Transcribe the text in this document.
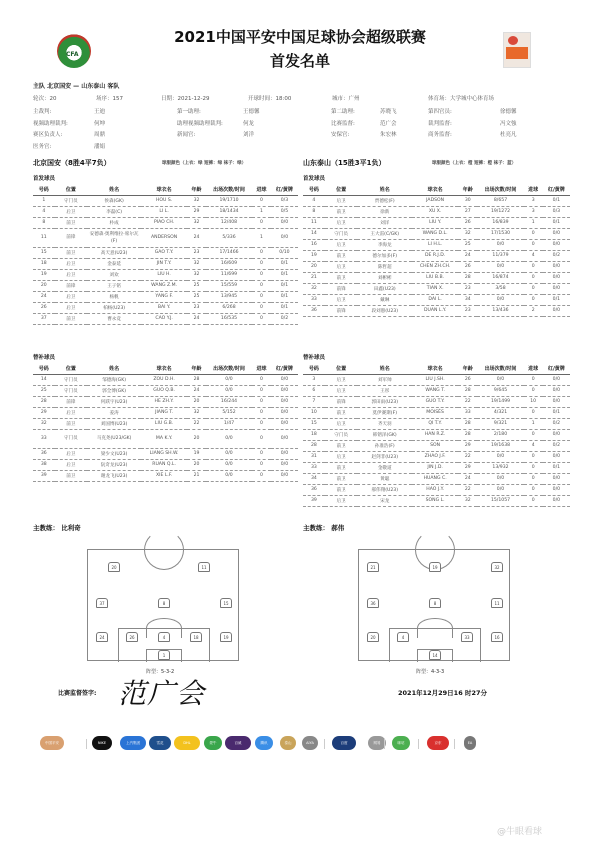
CFA
2021中国平安中国足球协会超级联赛
首发名单
主队 北京国安 — 山东泰山 客队
轮次：20	场序：157	日期：2021-12-29	开球时间：18:00	城市：广州	体育场：大学城中心体育场
主裁判:	王迪	第一助理:	王德馨	第二助理:	苏晓飞	第四官员:	徐德馨
视频助理裁判:	何坤	助理视频助理裁判:	何龙	比赛监督:	范广会	裁判监督:	冯文強
赛区负责人:	周鼎	新闻官:	刘洋	安保官:	朱宏林	商务监督:	杜亮凡
医务官:	潘娟
北京国安（8胜4平7负）	球服颜色（上衣：绿 短裤：绿 袜子：绿）
首发球员
号码	位置	姓名	球衣名	年龄	出场次数/时间	进球	红/黄牌
1	守门员	侯森(GK)	HOU S.	32	19/1710	0	0/3
4	后卫	李磊(C)	LI L.	29	18/1434	1	0/5
8	前卫	朴成	PIAO CH.	32	12/408	0	0/0
11	前锋	安德森·奥利维拉·席尔瓦(F)	ANDERSON	24	5/336	1	0/0
15	前卫	高天意(U23)	GAO T.Y.	23	17/1466	0	0/10
18	后卫	金泰延	JIN T.Y.	32	16/609	0	0/1
19	后卫	刘欢	LIU H.	32	11/699	0	0/1
20	前锋	王子铭	WANG Z.M.	25	15/559	0	0/1
24	后卫	杨帆	YANG F.	25	13/945	0	0/1
26	后卫	柏杨(U23)	BAI Y.	23	6/268	0	0/1
37	前卫	曹永竞	CAO Y.J.	24	16/535	0	0/2
替补球员
号码	位置	姓名	球衣名	年龄	出场次数/时间	进球	红/黄牌
14	守门员	邹德海(GK)	ZOU D.H.	28	0/0	0	0/0
25	守门员	郭全博(GK)	GUO Q.B.	24	0/0	0	0/0
28	前锋	何跃宇(U23)	HE ZH.Y.	20	16/244	0	0/0
29	后卫	姜涛	JIANG T.	32	5/152	0	0/0
32	前卫	刘国博(U23)	LIU G.B.	22	1/47	0	0/0
33	守门员	马克尧(U23/GK)	MA K.Y.	20	0/0	0	0/0
36	后卫	梁少文(U23)	LIANG SH.W.	19	0/0	0	0/0
38	后卫	阮奇龙(U23)	RUAN Q.L.	20	0/0	0	0/0
39	前卫	谢龙飞(U23)	XIE L.F.	21	0/0	0	0/0
主教练： 比利奇
山东泰山（15胜3平1负）	球服颜色（上衣：橙 短裤：橙 袜子：蓝）
首发球员
号码	位置	姓名	球衣名	年龄	出场次数/时间	进球	红/黄牌
4	后卫	贾德松(F)	JADSON	30	8/657	3	0/1
8	前卫	徐新	XU X.	27	19/1272	3	0/3
11	后卫	刘洋	LIU Y.	26	16/839	1	0/1
14	守门员	王大雷(C/GK)	WANG D.L.	32	17/1530	0	0/0
16	后卫	李海龙	LI H.L.	25	0/0	0	0/0
19	前卫	德尔加多(F)	DE R.J.D.	24	11/379	4	0/2
20	后卫	陈哲超	CHEN ZH.CH.	26	0/0	0	0/0
21	前卫	刘彬彬	LIU B.B.	28	16/874	0	0/0
32	前锋	田鑫(U23)	TIAN X.	23	3/58	0	0/0
33	后卫	戴琳	DAI L.	34	0/0	0	0/1
36	前锋	段刘愚(U23)	DUAN L.Y.	23	13/436	2	0/0
替补球员
号码	位置	姓名	球衣名	年龄	出场次数/时间	进球	红/黄牌
3	后卫	刘军帅	LIU J.SH.	26	0/0	0	0/0
6	后卫	王彤	WANG T.	28	9/645	0	0/0
7	前锋	郭田雨(U23)	GUO T.Y.	22	19/1499	10	0/0
10	前卫	莫伊赛斯(F)	MOISÉS	33	4/321	0	0/1
15	后卫	齐天羽	QI T.Y.	28	9/321	1	0/2
18	守门员	韩镕泽(GK)	HAN R.Z.	28	2/180	0	0/0
28	前卫	孙准浩(F)	SON	29	19/1638	4	0/2
31	后卫	赵剑非(U23)	ZHAO J.F.	22	0/0	0	0/0
33	前卫	金敬道	JIN J.D.	29	13/932	0	0/1
34	前卫	黄聪	HUANG C.	24	0/0	0	0/0
36	前卫	郝伟翔(U23)	HAO J.Y.	22	0/0	0	0/0
39	后卫	宋龙	SONG L.	32	15/1057	0	0/0
主教练： 郝伟
20	11
37	8	15
24	26	4	18	19
1
阵型：5-3-2
21	19	32
36	8	11
20	4	33	16
14
阵型：4-3-3
比赛监督签字: 范广会	2021年12月29日16 时27分
中国平安	NIKE	上汽集团	雪花	DHL	蒙牛	百威	腾讯	泰山	AIYA	百度	网易	咪咕	京东	EA
@牛眼看球
